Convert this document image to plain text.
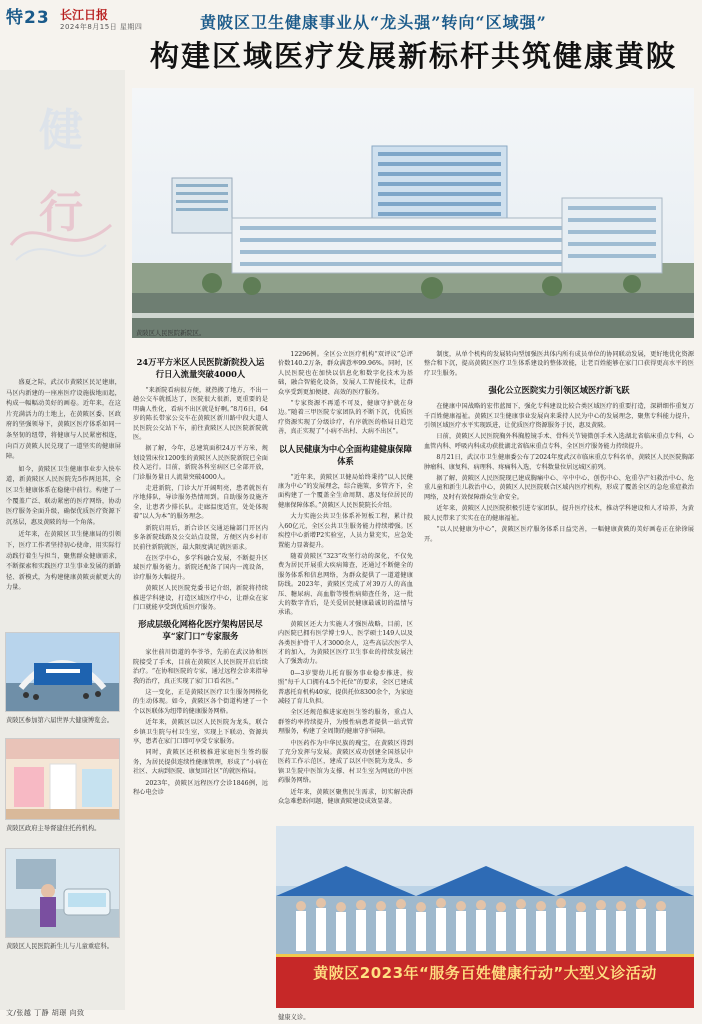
特23 长江日报
2024年8月15日 星期四	黄陂区卫生健康事业从“龙头强”转向“区域强”
构建区域医疗发展新标杆共筑健康黄陂
健
行

盛夏之际，武汉市黄陂区民足建康，马区内新建的一座座医疗设施拔地而起，构成一幅幅动美好的画卷。近年来，在这片充满活力的土地上，在黄陂区委、区政府的坚强领导下，黄陂区医疗体系如同一条坚韧的纽带，将健康与人民紧密相连，向百万黄陂人民兑现了一道坚实的健康屏障。

如今，黄陂区卫生健康事业步入快车道，新黄陂区人民医院先5作两迅其，全区卫生健康体系在稳健中前行。构建了一个覆盖广泛、联动紧密的医疗网络，协动医疗服务全面升级，确保优质医疗资源下沉基层，惠及黄陂的每一个角落。

近年来，在黄陂区卫生健康局的引领下，医疗工作者坚持初心使命，用实际行动践行着生与担当，聚焦群众健康需求，不断探索和实践医疗卫生事业发展的新路径、新模式，为构建健康黄陂贡献更大的力量。

黄陂区参加第六届世界大健康博览会。
黄陂区政府主导督建住托药机构。
黄陂区人民医院新生儿与儿童重症科。
文/张越 丁静 胡璟 向致
黄陂区人民医院新院区。
24万平方米区人民医院新院投入运行日入流量突破4000人

“来新院看病很方便，就热搬了地方，不出一趟公交车就抵达了，医院很大很新，更重要的是明确人性化，看病不出区就是好啊。”8月6日，64岁的陈长带家公交车在黄陂区新川路中段大道人民医院公交站下车，前往黄陂区人民医院新院就医。

据了解，今年，总建筑面积24万平方米，规划设置床位1200张的黄陂区人民医院新院已全面投入运行。目前，新院各科室病区已全部开放，门诊服务量日人流量突破4000人。

走进新院，门诊大厅开阔明亮，患者就医有序地排队，导诊服务热情周到。自助服务设施齐全，让患者少排长队。走廊温度适宜，处处体现着“以人为本”的服务理念。

新院启用后，新合诊区交通运输部门开区内多条新院线路及公交站点设置，方便区内乡村市民前往新院就医，最大限度满足就医需求。

在医学中心，多学科融合发展，不断提升区域医疗服务能力。新院还配备了国内一流设备，诊疗服务大幅提升。

黄陂区人民医院党委书记介绍，新院将持续推进学科建设，打造区域医疗中心，让群众在家门口就能享受到优质医疗服务。

形成层级化网格化医疗架构居民尽享“家门口”专家服务

家住前川街道的李爷爷，先前在武汉协和医院接受了手术，目前在黄陂区人民医院开启后续治疗。“在协和医院的专家，通过远程会诊来指导我的治疗，真正实现了家门口看名医。”

这一变化，正是黄陂区医疗卫生服务网格化的生动体现。如今，黄陂区各个街道构建了一个个以医联体为纽带的健康服务网格。

近年来，黄陂区以区人民医院为龙头，联合乡镇卫生院与村卫生室，实现上下联动、资源共享，患者在家门口即可享受专家服务。

同时，黄陂区还积极推进家庭医生签约服务，为居民提供连续性健康管理，形成了“小病在社区、大病到医院、康复回社区”的就医格局。

2023年，黄陂区远程医疗会诊1846例，远程心电会诊

12296例。全区公立医疗机构“双评议”总评价数140.2万条，群众满意率99.96%。同时，区人民医院也在加快以信息化和数字化技术为基础，融合智能化设备，发展人工智能技术，让群众享受到更加便捷、高效的医疗服务。

“专家资源不再遥不可及，健康守护就在身边。”随着三甲医院专家团队的不断下沉，优质医疗资源实现了分级诊疗，有序就医的格局日趋完善，真正实现了“小病不出村、大病不出区”。

以人民健康为中心全面构建健康保障体系

“近年来，黄陂区卫健局始终秉持“以人民健康为中心”的发展理念，综合施策，多管齐下，全面构建了一个覆盖全生命周期、惠及每位居民的健康保障体系。”黄陂区人民医院院长介绍。

大力实施公共卫生体系补短板工程，累计投入60亿元，全区公共卫生服务能力持续增强。区疾控中心新增P2实验室，人员力量充实，应急处置能力显著提升。

随着黄陂区“323”攻坚行动的深化，不仅免费为居民开展重大疾病筛查，还通过不断健全的服务体系和信息网络，为群众提供了一道道健康防线。2023年，黄陂区完成了对39万人的高血压、糖尿病、高血脂等慢性病筛查任务，这一批大的数字背后，是关爱居民健康最诚切的温情与承诺。

黄陂区还大力实施人才强医战略，目前，区内医院已拥有医学博士9人、医学硕士149人以及各类医护骨干人才3000余人，这些高层次医学人才的加入，为黄陂区医疗卫生事业的持续发展注入了强劲动力。

0—3岁婴幼儿托育服务事业稳步推进，按照“每千人口拥有4.5个托位”的要求，全区已建成普惠托育机构40家，提供托位8300余个，为家庭减轻了育儿负担。

全区还规范推进家庭医生签约服务，重点人群签约率持续提升，为慢性病患者提供一站式管理服务，构建了全周期的健康守护屏障。

中医药作为中华民族的瑰宝，在黄陂区得到了充分发挥与发展。黄陂区成功创建全国基层中医药工作示范区，建成了以区中医院为龙头、乡镇卫生院中医馆为支撑、村卫生室为网底的中医药服务网络。

近年来，黄陂区聚焦民生需求，切实解决群众急难愁盼问题，健康黄陂建设成效显著。

制度，从单个机构的发展转向型加强医共体内所有成员单位的协同联动发展，更好地优化资源整合和下沉，提高黄陂区医疗卫生体系建设的整体效能，让老百姓能够在家门口获得更高水平的医疗卫生服务。

强化公立医院实力引领区域医疗新飞跃

在健康中国战略的宏伟蓝图下，强化专科建设比较合类区域医疗的重要打造，深耕细作重复万千百姓健康福祉。黄陂区卫生健康事业发展向来秉持人民为中心的发展理念，聚焦专科能力提升，引领区域医疗水平实现跃进，让优质医疗资源服务于民，惠及黄陂。

日前，黄陂区人民医院胸外科胸腔镜手术、骨科关节镜微创手术入选湖北省临床重点专科，心血管内科、呼吸内科成功获批湖北省临床重点专科，全区医疗服务能力持续提升。

8月21日，武汉市卫生健康委公布了2024年度武汉市临床重点专科名单，黄陂区人民医院胸部肿瘤科、康复科、病理科、疼痛科入选，专科数量位居远城区前列。

据了解，黄陂区人民医院现已建成胸痛中心、卒中中心、创伤中心、危重孕产妇救治中心、危重儿童和新生儿救治中心，黄陂区人民医院联合区域内医疗机构，形成了覆盖全区的急危重症救治网络，及时有效保障群众生命安全。

近年来，黄陂区人民医院积极引进专家团队，提升医疗技术，推动学科建设和人才培养，为黄陂人民带来了实实在在的健康福祉。

“以人民健康为中心”，黄陂区医疗服务体系日益完善，一幅健康黄陂的美好画卷正在徐徐展开。

黄陂区2023年“服务百姓健康行动”大型义诊活动
健康义诊。
